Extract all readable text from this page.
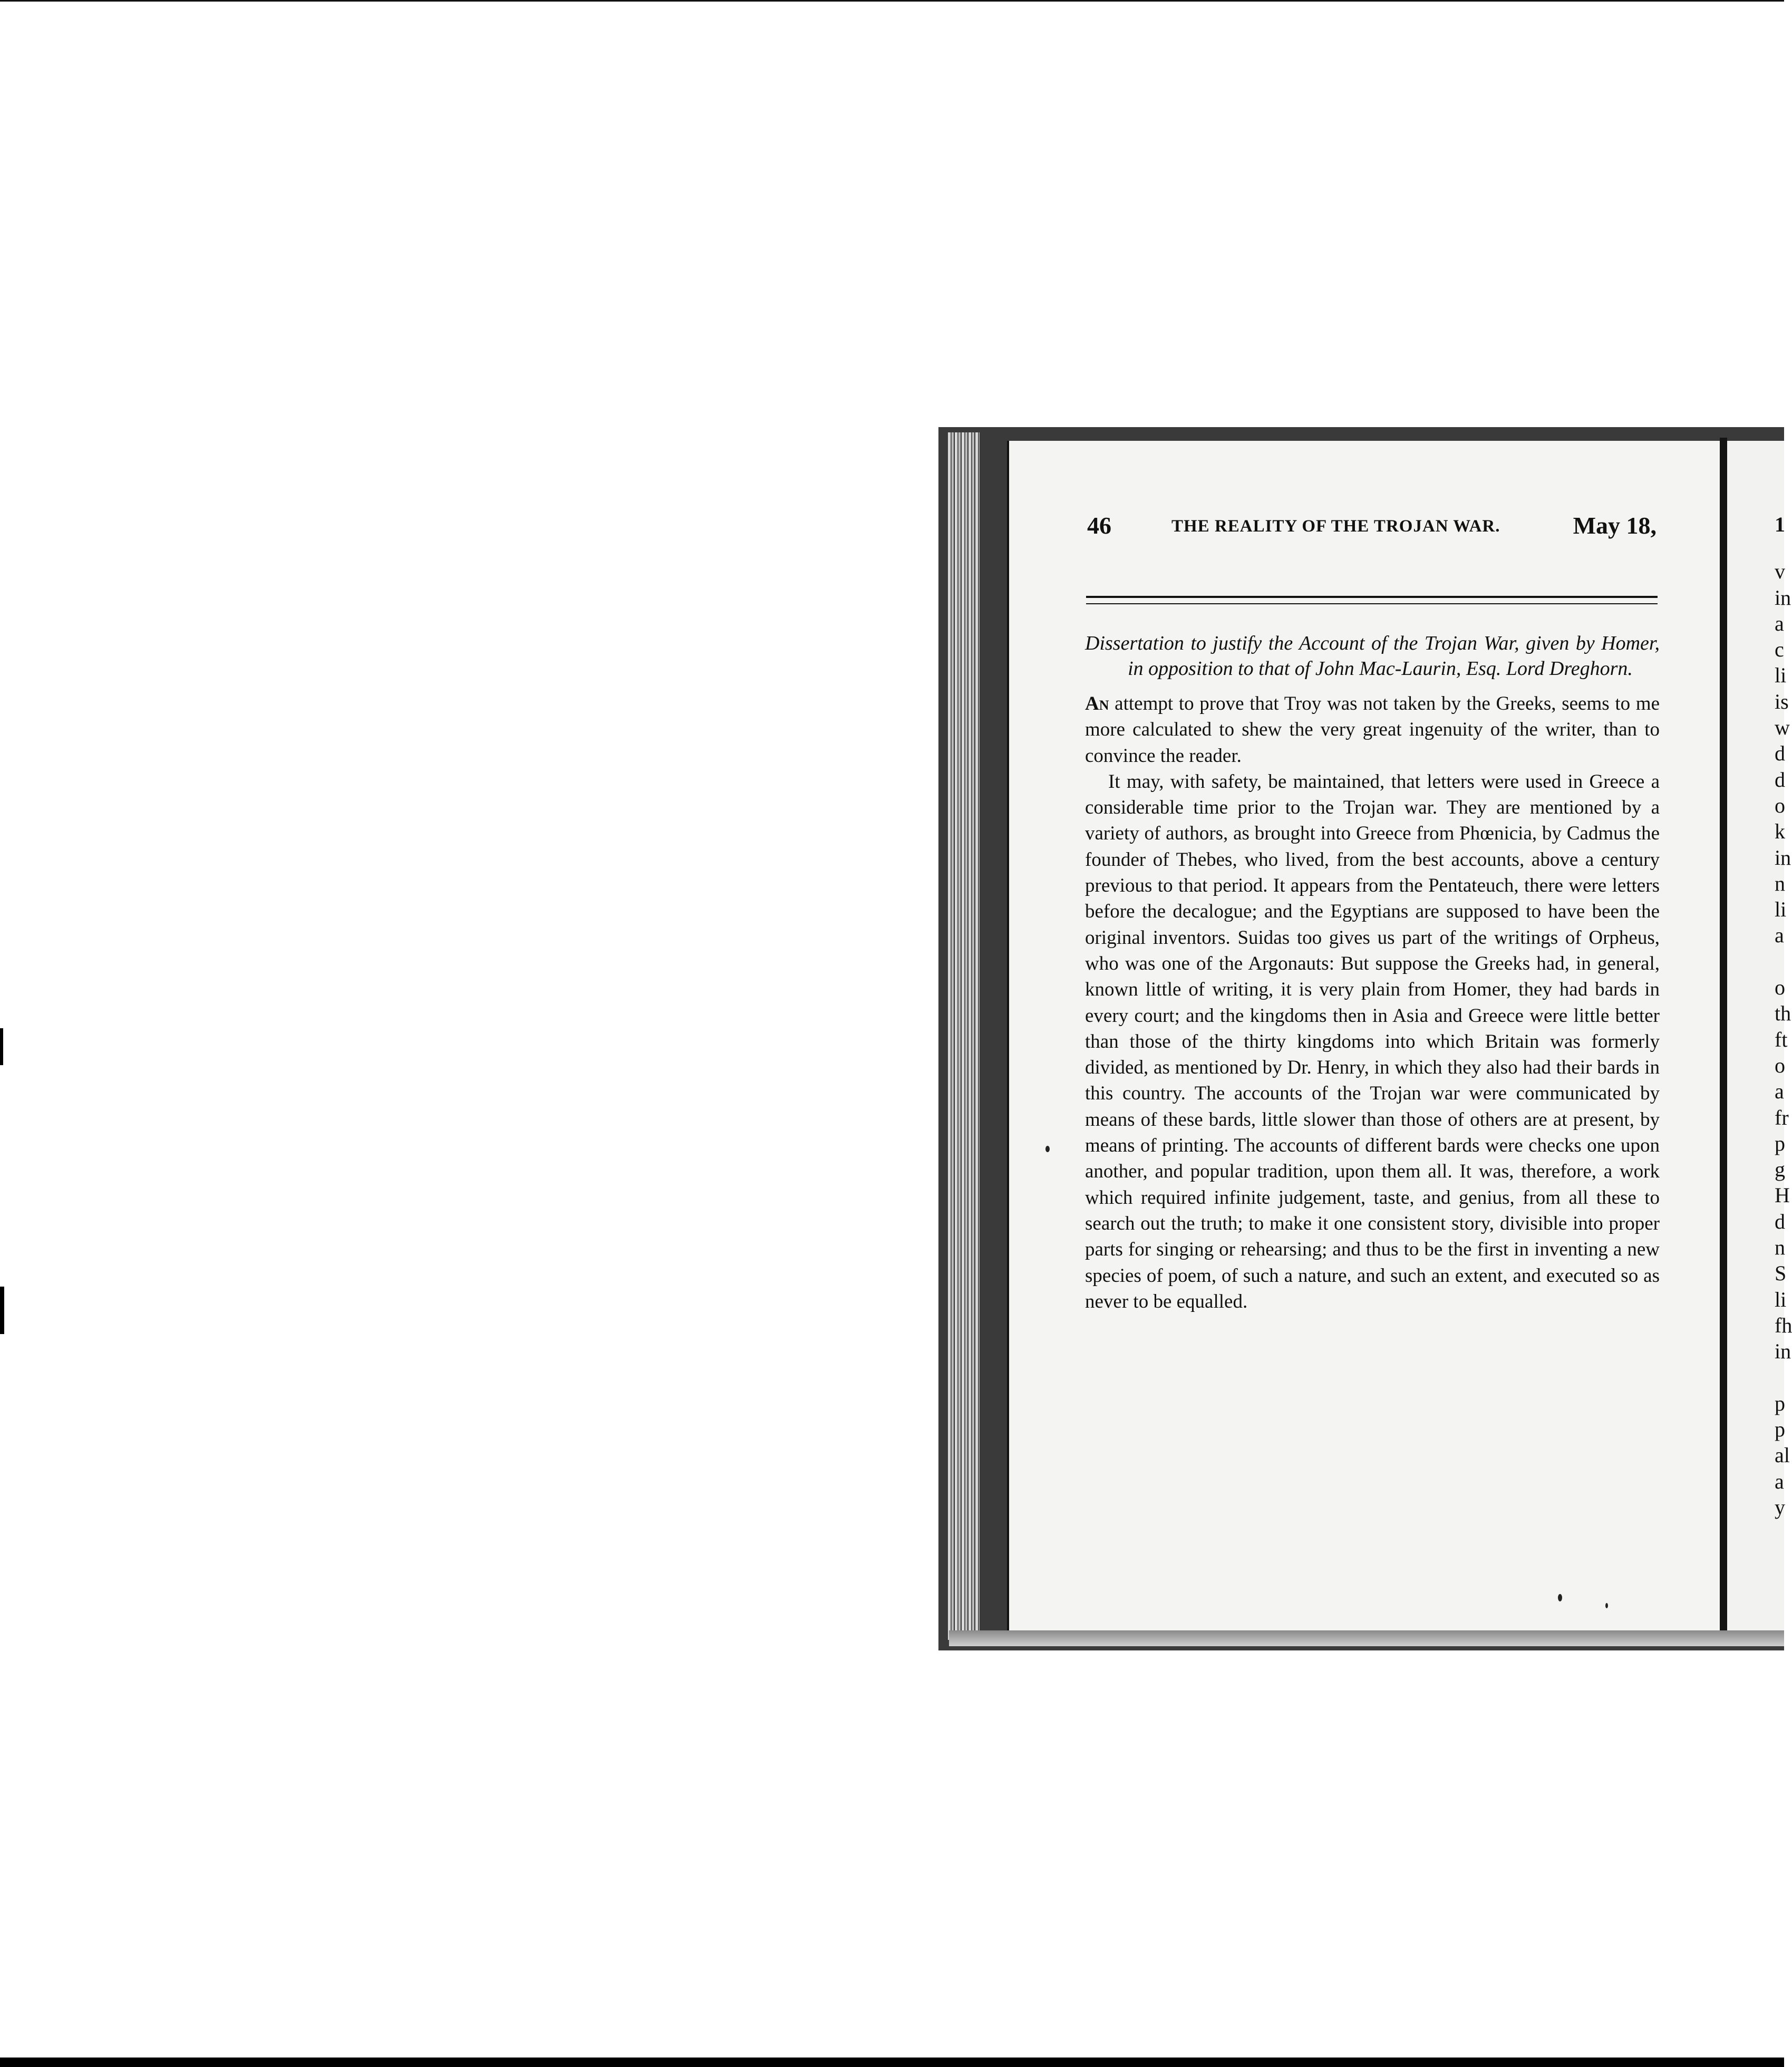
46	THE REALITY OF THE TROJAN WAR.	May 18,

Dissertation to justify the Account of the Trojan War, given by Homer, in opposition to that of John Mac-Laurin, Esq. Lord Dreghorn.

An attempt to prove that Troy was not taken by the Greeks, seems to me more calculated to shew the very great ingenuity of the writer, than to convince the reader.

It may, with safety, be maintained, that letters were used in Greece a considerable time prior to the Trojan war. They are mentioned by a variety of authors, as brought into Greece from Phœnicia, by Cadmus the founder of Thebes, who lived, from the best accounts, above a century previous to that period. It appears from the Pentateuch, there were letters before the decalogue; and the Egyptians are supposed to have been the original inventors. Suidas too gives us part of the writings of Orpheus, who was one of the Argonauts: But suppose the Greeks had, in general, known little of writing, it is very plain from Homer, they had bards in every court; and the kingdoms then in Asia and Greece were little better than those of the thirty kingdoms into which Britain was formerly divided, as mentioned by Dr. Henry, in which they also had their bards in this country. The accounts of the Trojan war were communicated by means of these bards, little slower than those of others are at present, by means of printing. The accounts of different bards were checks one upon another, and popular tradition, upon them all. It was, therefore, a work which required infinite judgement, taste, and genius, from all these to search out the truth; to make it one consistent story, divisible into proper parts for singing or rehearsing; and thus to be the first in inventing a new species of poem, of such a nature, and such an extent, and executed so as never to be equalled.

1
v
in
a
c
li
is
w
d
d
o
k
in
n
li
a

o
th
ft
o
a
fr
p
g
H
d
n
S
li
fh
in

p
p
al
a
y
